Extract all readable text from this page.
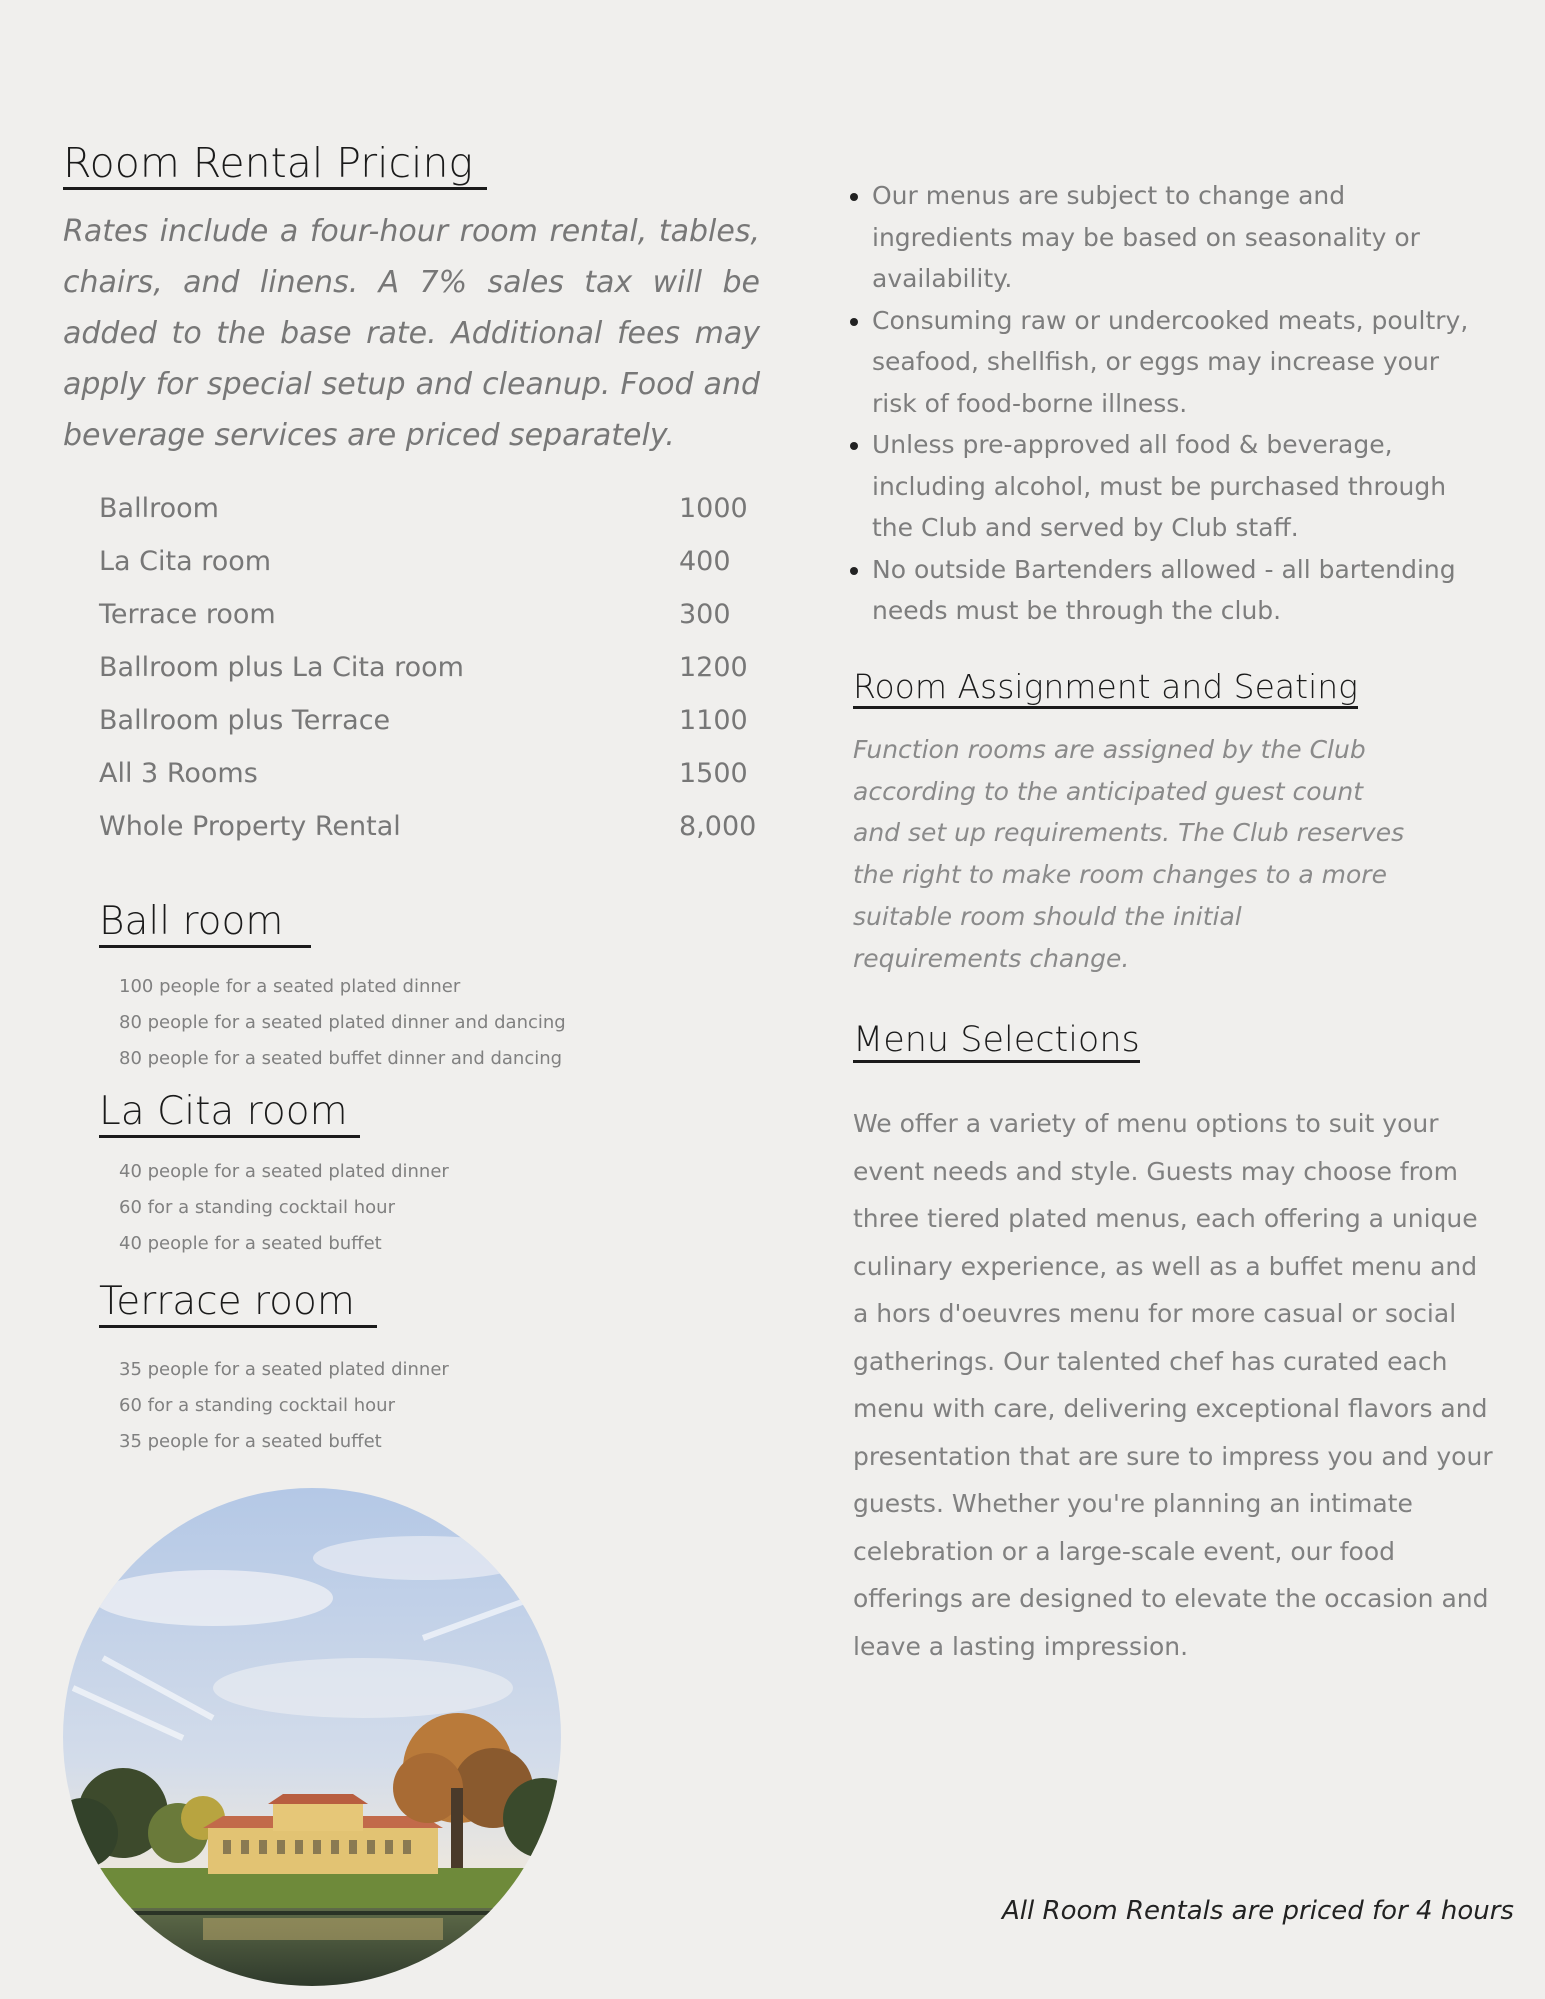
Room Rental Pricing

Rates include a four-hour room rental, tables, chairs, and linens. A 7% sales tax will be added to the base rate. Additional fees may apply for special setup and cleanup. Food and beverage services are priced separately.

Ballroom	1000
La Cita room	400
Terrace room	300
Ballroom plus La Cita room	1200
Ballroom plus Terrace	1100
All 3 Rooms	1500
Whole Property Rental	8,000
Ball room
100 people for a seated plated dinner
80 people for a seated plated dinner and dancing
80 people for a seated buffet dinner and dancing
La Cita room
40 people for a seated plated dinner
60 for a standing cocktail hour
40 people for a seated buffet
Terrace room
35 people for a seated plated dinner
60 for a standing cocktail hour
35 people for a seated buffet
• Our menus are subject to change and ingredients may be based on seasonality or availability.
• Consuming raw or undercooked meats, poultry, seafood, shellfish, or eggs may increase your risk of food-borne illness.
• Unless pre-approved all food & beverage, including alcohol, must be purchased through the Club and served by Club staff.
• No outside Bartenders allowed - all bartending needs must be through the club.
Room Assignment and Seating

Function rooms are assigned by the Club according to the anticipated guest count and set up requirements. The Club reserves the right to make room changes to a more suitable room should the initial requirements change.

Menu Selections

We offer a variety of menu options to suit your event needs and style. Guests may choose from three tiered plated menus, each offering a unique culinary experience, as well as a buffet menu and a hors d'oeuvres menu for more casual or social gatherings. Our talented chef has curated each menu with care, delivering exceptional flavors and presentation that are sure to impress you and your guests. Whether you're planning an intimate celebration or a large-scale event, our food offerings are designed to elevate the occasion and leave a lasting impression.

All Room Rentals are priced for 4 hours
